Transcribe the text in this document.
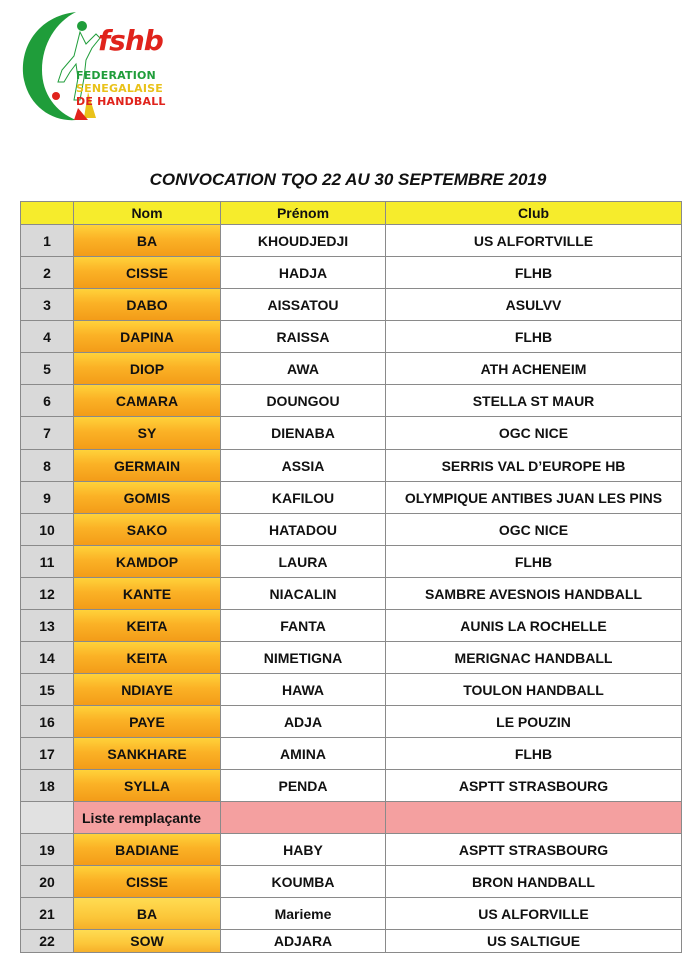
fshb
FEDERATION
SENEGALAISE
DE HANDBALL
CONVOCATION TQO 22 AU 30 SEPTEMBRE 2019
	Nom	Prénom	Club
1	BA	KHOUDJEDJI	US ALFORTVILLE
2	CISSE	HADJA	FLHB
3	DABO	AISSATOU	ASULVV
4	DAPINA	RAISSA	FLHB
5	DIOP	AWA	ATH ACHENEIM
6	CAMARA	DOUNGOU	STELLA ST MAUR
7	SY	DIENABA	OGC NICE
8	GERMAIN	ASSIA	SERRIS VAL D’EUROPE HB
9	GOMIS	KAFILOU	OLYMPIQUE ANTIBES JUAN LES PINS
10	SAKO	HATADOU	OGC NICE
11	KAMDOP	LAURA	FLHB
12	KANTE	NIACALIN	SAMBRE AVESNOIS HANDBALL
13	KEITA	FANTA	AUNIS LA ROCHELLE
14	KEITA	NIMETIGNA	MERIGNAC HANDBALL
15	NDIAYE	HAWA	TOULON HANDBALL
16	PAYE	ADJA	LE POUZIN
17	SANKHARE	AMINA	FLHB
18	SYLLA	PENDA	ASPTT STRASBOURG
	Liste remplaçante		
19	BADIANE	HABY	ASPTT STRASBOURG
20	CISSE	KOUMBA	BRON HANDBALL
21	BA	Marieme	US ALFORVILLE
22	SOW	ADJARA	US SALTIGUE
